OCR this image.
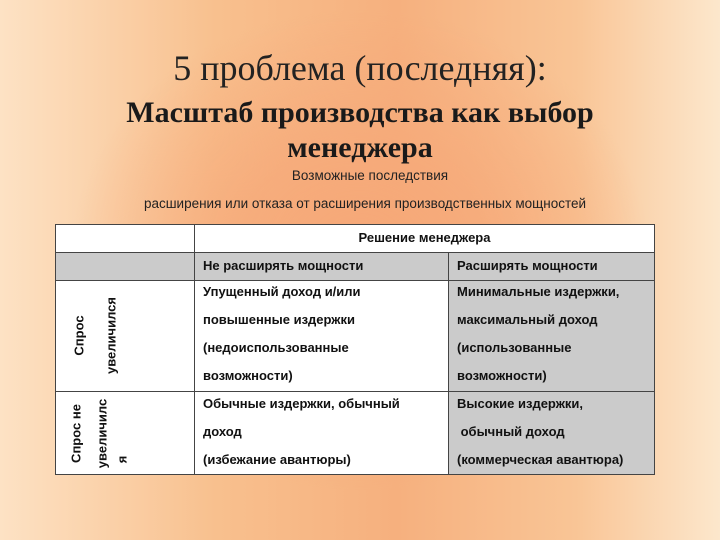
5 проблема (последняя):
Масштаб производства как выбор
менеджера
Возможные последствия
расширения или отказа от расширения производственных мощностей
Решение менеджера
Не расширять мощности	Расширять мощности
Спрос увеличился
Упущенный доход и/или
повышенные издержки
(недоиспользованные
возможности)
Минимальные издержки,
максимальный доход
(использованные
возможности)
Спрос не увеличилс я
Обычные издержки, обычный
доход
(избежание авантюры)
Высокие издержки,
обычный доход
(коммерческая авантюра)
